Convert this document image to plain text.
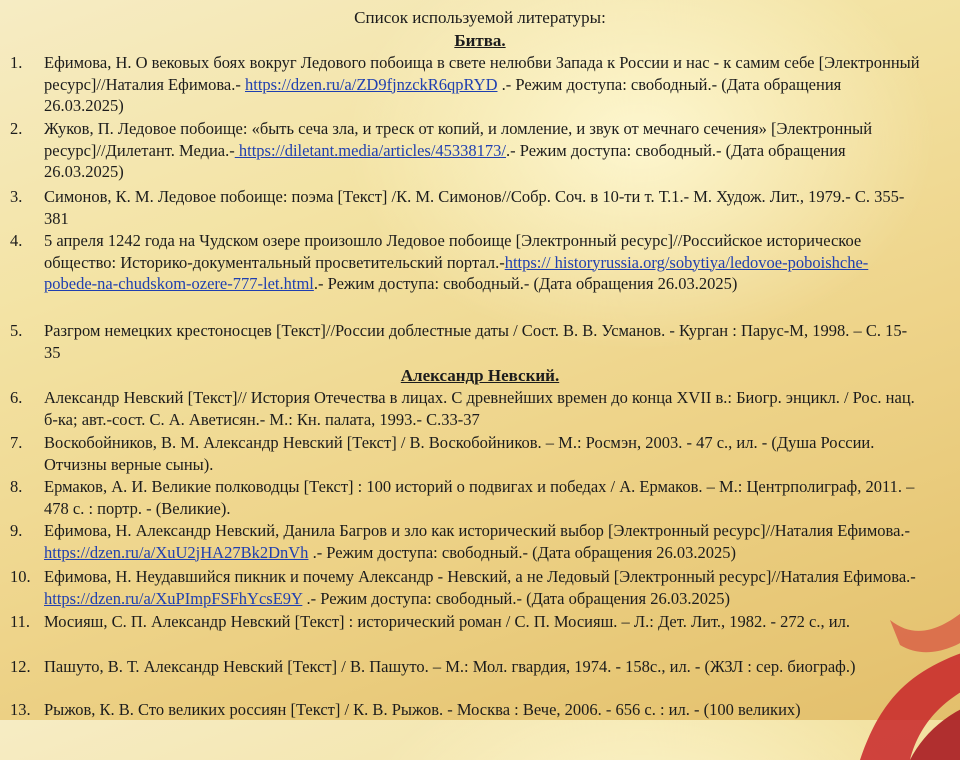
Список используемой литературы:
Битва.
1. Ефимова, Н. О вековых боях вокруг Ледового побоища в свете нелюбви Запада к России и нас - к самим себе [Электронный ресурс]//Наталия Ефимова.- https://dzen.ru/a/ZD9fjnzckR6qpRYD .- Режим доступа: свободный.- (Дата обращения 26.03.2025)
2. Жуков, П. Ледовое побоище: «быть сеча зла, и треск от копий, и ломление, и звук от мечнаго сечения» [Электронный ресурс]//Дилетант. Медиа.- https://diletant.media/articles/45338173/.- Режим доступа: свободный.- (Дата обращения 26.03.2025)
3. Симонов, К. М. Ледовое побоище: поэма [Текст] /К. М. Симонов//Собр. Соч. в 10-ти т. Т.1.- М. Худож. Лит., 1979.- С. 355-381
4. 5 апреля 1242 года на Чудском озере произошло Ледовое побоище [Электронный ресурс]//Российское историческое общество: Историко-документальный просветительский портал.-https:// historyrussia.org/sobytiya/ledovoe-poboishche-pobede-na-chudskom-ozere-777-let.html.- Режим доступа: свободный.- (Дата обращения 26.03.2025)
5. Разгром немецких крестоносцев [Текст]//России доблестные даты / Сост. В. В. Усманов. - Курган : Парус-М, 1998. – С. 15-35
Александр Невский.
6. Александр Невский [Текст]// История Отечества в лицах. С древнейших времен до конца XVII в.: Биогр. энцикл. / Рос. нац. б-ка; авт.-сост. С. А. Аветисян.- М.: Кн. палата, 1993.- С.33-37
7. Воскобойников, В. М. Александр Невский [Текст] / В. Воскобойников. – М.: Росмэн, 2003. - 47 с., ил. - (Душа России. Отчизны верные сыны).
8. Ермаков, А. И. Великие полководцы [Текст] : 100 историй о подвигах и победах / А. Ермаков. – М.: Центрполиграф, 2011. – 478 с. : портр. - (Великие).
9. Ефимова, Н. Александр Невский, Данила Багров и зло как исторический выбор [Электронный ресурс]//Наталия Ефимова.- https://dzen.ru/a/XuU2jHA27Bk2DnVh .- Режим доступа: свободный.- (Дата обращения 26.03.2025)
10. Ефимова, Н. Неудавшийся пикник и почему Александр - Невский, а не Ледовый [Электронный ресурс]//Наталия Ефимова.- https://dzen.ru/a/XuPImpFSFhYcsE9Y .- Режим доступа: свободный.- (Дата обращения 26.03.2025)
11. Мосияш, С. П. Александр Невский [Текст] : исторический роман / С. П. Мосияш. – Л.: Дет. Лит., 1982. - 272 с., ил.
12. Пашуто, В. Т. Александр Невский [Текст] / В. Пашуто. – М.: Мол. гвардия, 1974. - 158с., ил. - (ЖЗЛ : сер. биограф.)
13. Рыжов, К. В. Сто великих россиян [Текст] / К. В. Рыжов. - Москва : Вече, 2006. - 656 с. : ил. - (100 великих)
